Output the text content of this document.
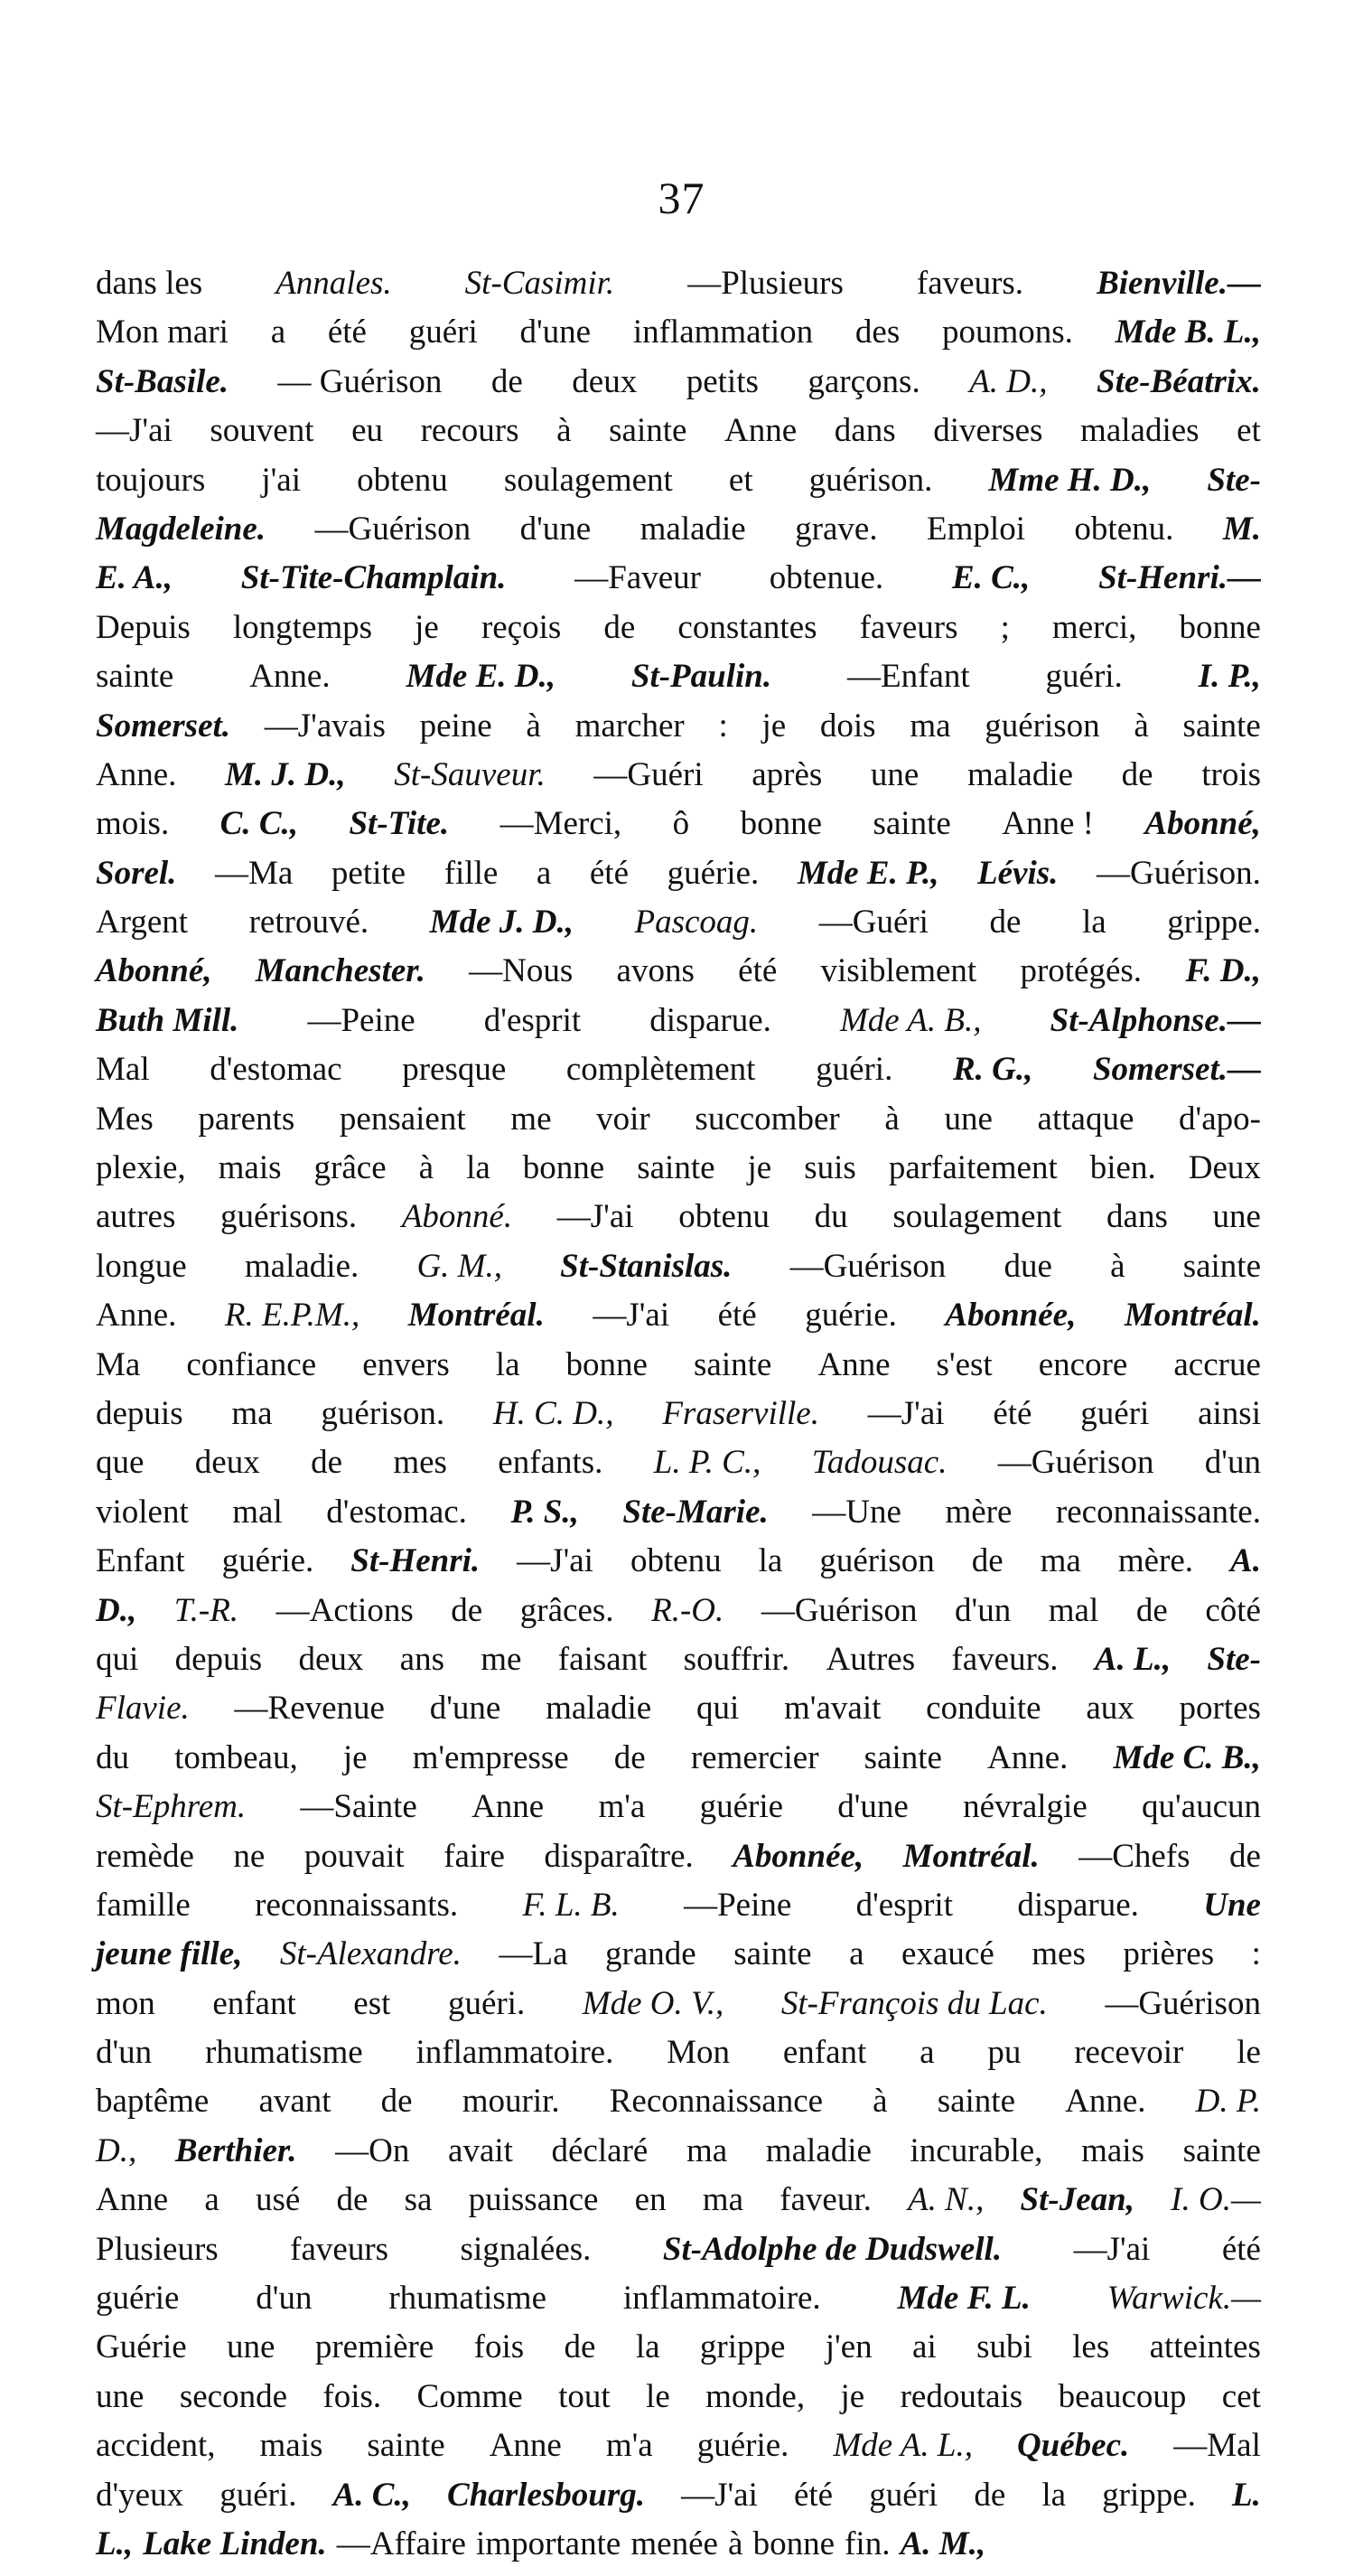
37
dans les Annales. St-Casimir. —Plusieurs faveurs. Bienville.—
Mon mari a été guéri d'une inflammation des poumons. Mde B. L.,
St-Basile. — Guérison de deux petits garçons. A. D., Ste-Béatrix.
—J'ai souvent eu recours à sainte Anne dans diverses maladies et
toujours j'ai obtenu soulagement et guérison. Mme H. D., Ste-
Magdeleine. —Guérison d'une maladie grave. Emploi obtenu. M.
E. A., St-Tite-Champlain. —Faveur obtenue. E. C., St-Henri.—
Depuis longtemps je reçois de constantes faveurs ; merci, bonne
sainte Anne. Mde E. D., St-Paulin. —Enfant guéri. I. P.,
Somerset. —J'avais peine à marcher : je dois ma guérison à sainte
Anne. M. J. D., St-Sauveur. —Guéri après une maladie de trois
mois. C. C., St-Tite. —Merci, ô bonne sainte Anne ! Abonné,
Sorel. —Ma petite fille a été guérie. Mde E. P., Lévis. —Guérison.
Argent retrouvé. Mde J. D., Pascoag. —Guéri de la grippe.
Abonné, Manchester. —Nous avons été visiblement protégés. F. D.,
Buth Mill. —Peine d'esprit disparue. Mde A. B., St-Alphonse.—
Mal d'estomac presque complètement guéri. R. G., Somerset.—
Mes parents pensaient me voir succomber à une attaque d'apo-
plexie, mais grâce à la bonne sainte je suis parfaitement bien. Deux
autres guérisons. Abonné. —J'ai obtenu du soulagement dans une
longue maladie. G. M., St-Stanislas. —Guérison due à sainte
Anne. R. E.P.M., Montréal. —J'ai été guérie. Abonnée, Montréal.
Ma confiance envers la bonne sainte Anne s'est encore accrue
depuis ma guérison. H. C. D., Fraserville. —J'ai été guéri ainsi
que deux de mes enfants. L. P. C., Tadousac. —Guérison d'un
violent mal d'estomac. P. S., Ste-Marie. —Une mère reconnaissante.
Enfant guérie. St-Henri. —J'ai obtenu la guérison de ma mère. A.
D., T.-R. —Actions de grâces. R.-O. —Guérison d'un mal de côté
qui depuis deux ans me faisant souffrir. Autres faveurs. A. L., Ste-
Flavie. —Revenue d'une maladie qui m'avait conduite aux portes
du tombeau, je m'empresse de remercier sainte Anne. Mde C. B.,
St-Ephrem. —Sainte Anne m'a guérie d'une névralgie qu'aucun
remède ne pouvait faire disparaître. Abonnée, Montréal. —Chefs de
famille reconnaissants. F. L. B. —Peine d'esprit disparue. Une
jeune fille, St-Alexandre. —La grande sainte a exaucé mes prières :
mon enfant est guéri. Mde O. V., St-François du Lac. —Guérison
d'un rhumatisme inflammatoire. Mon enfant a pu recevoir le
baptême avant de mourir. Reconnaissance à sainte Anne. D. P.
D., Berthier. —On avait déclaré ma maladie incurable, mais sainte
Anne a usé de sa puissance en ma faveur. A. N., St-Jean, I. O.—
Plusieurs faveurs signalées. St-Adolphe de Dudswell. —J'ai été
guérie d'un rhumatisme inflammatoire. Mde F. L. Warwick.—
Guérie une première fois de la grippe j'en ai subi les atteintes
une seconde fois. Comme tout le monde, je redoutais beaucoup cet
accident, mais sainte Anne m'a guérie. Mde A. L., Québec. —Mal
d'yeux guéri. A. C., Charlesbourg. —J'ai été guéri de la grippe. L.
L., Lake Linden. —Affaire importante menée à bonne fin. A. M.,
